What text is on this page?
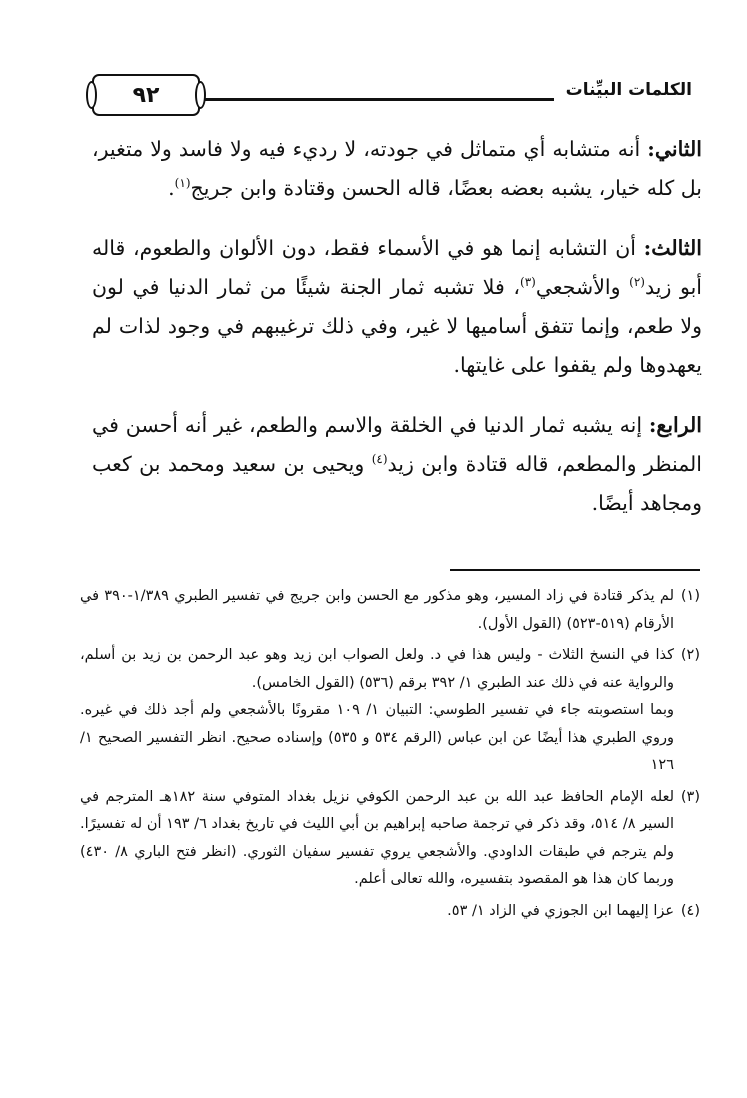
الكلمات البيِّنات
٩٢

الثاني: أنه متشابه أي متماثل في جودته، لا رديء فيه ولا فاسد ولا متغير، بل كله خيار، يشبه بعضه بعضًا، قاله الحسن وقتادة وابن جريج$^{(١)}$.

الثالث: أن التشابه إنما هو في الأسماء فقط، دون الألوان والطعوم، قاله أبو زيد$^{(٢)}$ والأشجعي$^{(٣)}$، فلا تشبه ثمار الجنة شيئًا من ثمار الدنيا في لون ولا طعم، وإنما تتفق أساميها لا غير، وفي ذلك ترغيبهم في وجود لذات لم يعهدوها ولم يقفوا على غايتها.

الرابع: إنه يشبه ثمار الدنيا في الخلقة والاسم والطعم، غير أنه أحسن في المنظر والمطعم، قاله قتادة وابن زيد$^{(٤)}$ ويحيى بن سعيد ومحمد بن كعب ومجاهد أيضًا.

(١)
لم يذكر قتادة في زاد المسير، وهو مذكور مع الحسن وابن جريج في تفسير الطبري ١/٣٨٩-٣٩٠ في الأرقام (٥١٩-٥٢٣) (القول الأول).
(٢)
كذا في النسخ الثلاث - وليس هذا في د. ولعل الصواب ابن زيد وهو عبد الرحمن بن زيد بن أسلم، والرواية عنه في ذلك عند الطبري ١/ ٣٩٢ برقم (٥٣٦) (القول الخامس).
وبما استصوبته جاء في تفسير الطوسي: التبيان ١/ ١٠٩ مقرونًا بالأشجعي ولم أجد ذلك في غيره. وروي الطبري هذا أيضًا عن ابن عباس (الرقم ٥٣٤ و ٥٣٥) وإسناده صحيح. انظر التفسير الصحيح ١/ ١٢٦
(٣)
لعله الإمام الحافظ عبد الله بن عبد الرحمن الكوفي نزيل بغداد المتوفي سنة ١٨٢هـ المترجم في السير ٨/ ٥١٤، وقد ذكر في ترجمة صاحبه إبراهيم بن أبي الليث في تاريخ بغداد ٦/ ١٩٣ أن له تفسيرًا. ولم يترجم في طبقات الداودي. والأشجعي يروي تفسير سفيان الثوري. (انظر فتح الباري ٨/ ٤٣٠) وربما كان هذا هو المقصود بتفسيره، والله تعالى أعلم.
(٤)
عزا إليهما ابن الجوزي في الزاد ١/ ٥٣.
